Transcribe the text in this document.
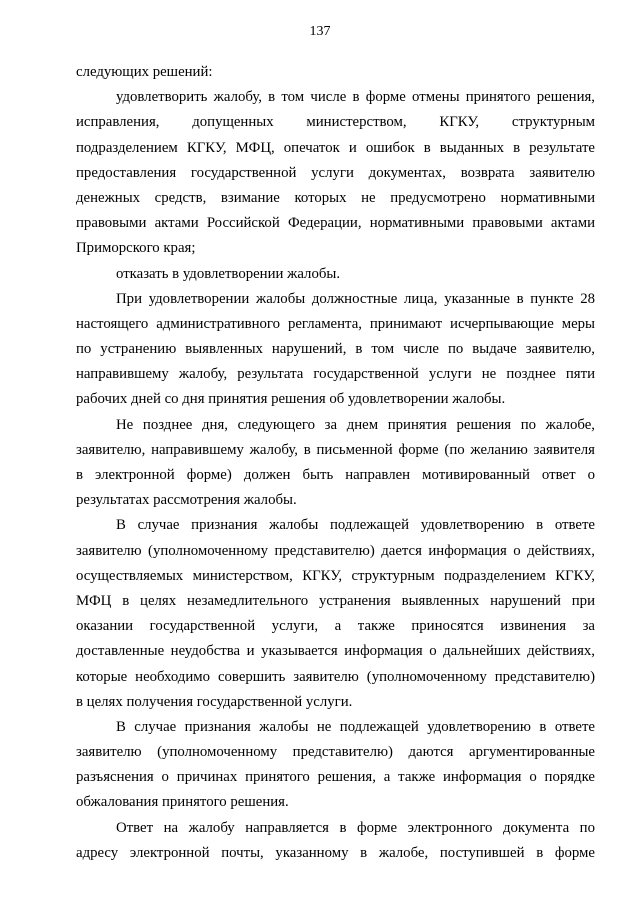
137
следующих решений:
удовлетворить жалобу, в том числе в форме отмены принятого решения,
исправления, допущенных министерством, КГКУ, структурным
подразделением КГКУ, МФЦ, опечаток и ошибок в выданных в результате
предоставления государственной услуги документах, возврата заявителю
денежных средств, взимание которых не предусмотрено нормативными
правовыми актами Российской Федерации, нормативными правовыми актами
Приморского края;
отказать в удовлетворении жалобы.
При удовлетворении жалобы должностные лица, указанные в пункте 28
настоящего административного регламента, принимают исчерпывающие меры
по устранению выявленных нарушений, в том числе по выдаче заявителю,
направившему жалобу, результата государственной услуги не позднее пяти
рабочих дней со дня принятия решения об удовлетворении жалобы.
Не позднее дня, следующего за днем принятия решения по жалобе,
заявителю, направившему жалобу, в письменной форме (по желанию заявителя
в электронной форме) должен быть направлен мотивированный ответ о
результатах рассмотрения жалобы.
В случае признания жалобы подлежащей удовлетворению в ответе
заявителю (уполномоченному представителю) дается информация о действиях,
осуществляемых министерством, КГКУ, структурным подразделением КГКУ,
МФЦ в целях незамедлительного устранения выявленных нарушений при
оказании государственной услуги, а также приносятся извинения за
доставленные неудобства и указывается информация о дальнейших действиях,
которые необходимо совершить заявителю (уполномоченному представителю)
в целях получения государственной услуги.
В случае признания жалобы не подлежащей удовлетворению в ответе
заявителю (уполномоченному представителю) даются аргументированные
разъяснения о причинах принятого решения, а также информация о порядке
обжалования принятого решения.
Ответ на жалобу направляется в форме электронного документа по
адресу электронной почты, указанному в жалобе, поступившей в форме
